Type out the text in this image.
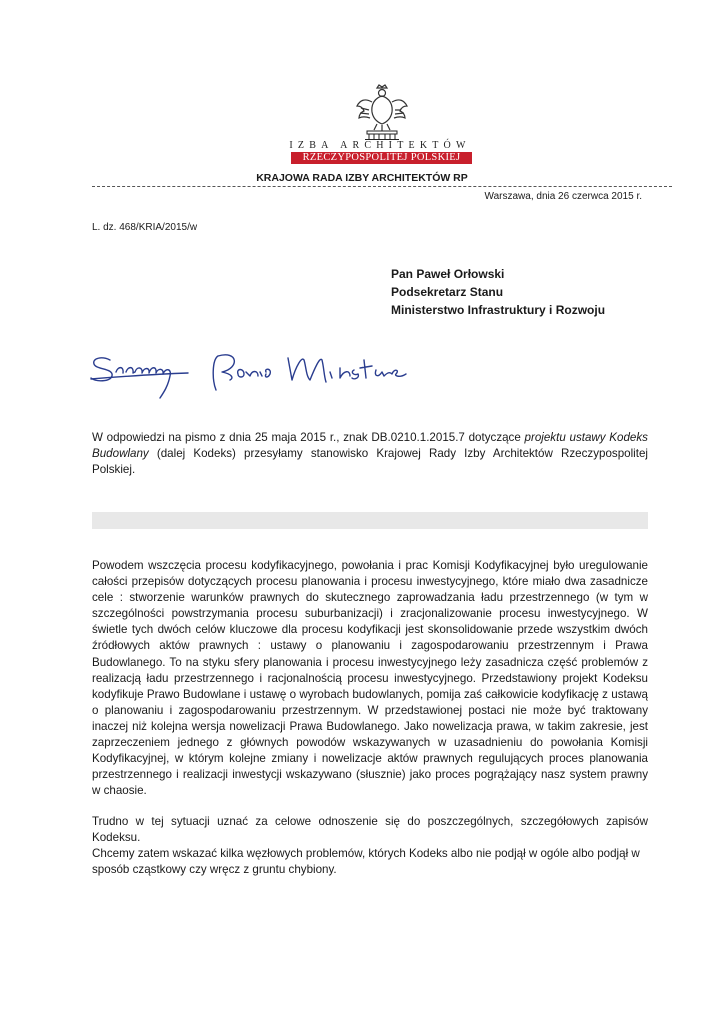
IZBA ARCHITEKTÓW
RZECZYPOSPOLITEJ POLSKIEJ
KRAJOWA RADA IZBY ARCHITEKTÓW RP
Warszawa, dnia 26 czerwca 2015 r.
L. dz. 468/KRIA/2015/w
Pan Paweł Orłowski
Podsekretarz Stanu
Ministerstwo Infrastruktury i Rozwoju

W odpowiedzi na pismo z dnia 25 maja 2015 r., znak DB.0210.1.2015.7 dotyczące projektu ustawy Kodeks Budowlany (dalej Kodeks) przesyłamy stanowisko Krajowej Rady Izby Architektów Rzeczypospolitej Polskiej.

Powodem wszczęcia procesu kodyfikacyjnego, powołania i prac Komisji Kodyfikacyjnej było uregulowanie całości przepisów dotyczących procesu planowania i procesu inwestycyjnego, które miało dwa zasadnicze cele : stworzenie warunków prawnych do skutecznego zaprowadzania ładu przestrzennego (w tym w szczególności powstrzymania procesu suburbanizacji) i zracjonalizowanie procesu inwestycyjnego. W świetle tych dwóch celów kluczowe dla procesu kodyfikacji jest skonsolidowanie przede wszystkim dwóch źródłowych aktów prawnych : ustawy o planowaniu i zagospodarowaniu przestrzennym i Prawa Budowlanego. To na styku sfery planowania i procesu inwestycyjnego leży zasadnicza część problemów z realizacją ładu przestrzennego i racjonalnością procesu inwestycyjnego. Przedstawiony projekt Kodeksu kodyfikuje Prawo Budowlane i ustawę o wyrobach budowlanych, pomija zaś całkowicie kodyfikację z ustawą o planowaniu i zagospodarowaniu przestrzennym. W przedstawionej postaci nie może być traktowany inaczej niż kolejna wersja nowelizacji Prawa Budowlanego. Jako nowelizacja prawa, w takim zakresie, jest zaprzeczeniem jednego z głównych powodów wskazywanych w uzasadnieniu do powołania Komisji Kodyfikacyjnej, w którym kolejne zmiany i nowelizacje aktów prawnych regulujących proces planowania przestrzennego i realizacji inwestycji wskazywano (słusznie) jako proces pogrążający nasz system prawny w chaosie.

Trudno w tej sytuacji uznać za celowe odnoszenie się do poszczególnych, szczegółowych zapisów Kodeksu.

Chcemy zatem wskazać kilka węzłowych problemów, których Kodeks albo nie podjął w ogóle albo podjął w sposób cząstkowy czy wręcz z gruntu chybiony.
